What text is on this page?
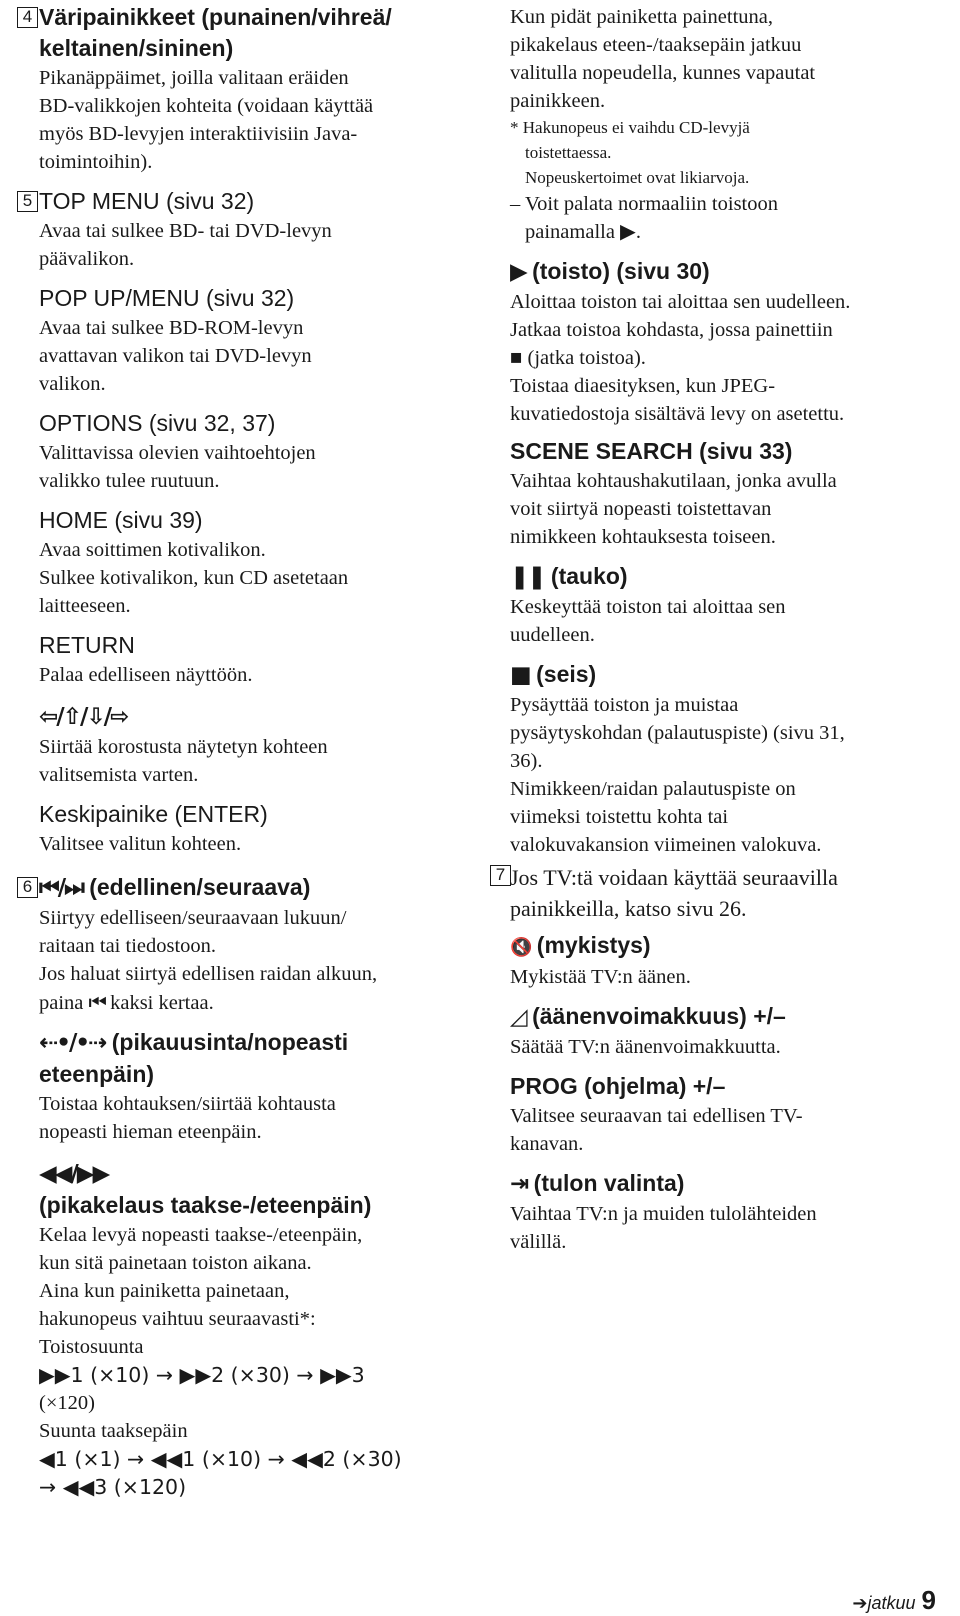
4 Väripainikkeet (punainen/vihreä/

keltainen/sininen)

Pikanäppäimet, joilla valitaan eräiden

BD-valikkojen kohteita (voidaan käyttää

myös BD-levyjen interaktiivisiin Java-

toimintoihin).

5 TOP MENU (sivu 32)

Avaa tai sulkee BD- tai DVD-levyn

päävalikon.

POP UP/MENU (sivu 32)

Avaa tai sulkee BD-ROM-levyn

avattavan valikon tai DVD-levyn

valikon.

OPTIONS (sivu 32, 37)

Valittavissa olevien vaihtoehtojen

valikko tulee ruutuun.

HOME (sivu 39)

Avaa soittimen kotivalikon.

Sulkee kotivalikon, kun CD asetetaan

laitteeseen.

RETURN

Palaa edelliseen näyttöön.

⇦/⇧/⇩/⇨

Siirtää korostusta näytetyn kohteen

valitsemista varten.

Keskipainike (ENTER)

Valitsee valitun kohteen.

6 ⏮/⏭ (edellinen/seuraava)

Siirtyy edelliseen/seuraavaan lukuun/

raitaan tai tiedostoon.

Jos haluat siirtyä edellisen raidan alkuun,

paina ⏮ kaksi kertaa.

⇠•/•⇢ (pikauusinta/nopeasti

eteenpäin)

Toistaa kohtauksen/siirtää kohtausta

nopeasti hieman eteenpäin.

◀◀/▶▶

(pikakelaus taakse-/eteenpäin)

Kelaa levyä nopeasti taakse-/eteenpäin,

kun sitä painetaan toiston aikana.

Aina kun painiketta painetaan,

hakunopeus vaihtuu seuraavasti*:

Toistosuunta

▶▶1 (×10) → ▶▶2 (×30) → ▶▶3

(×120)

Suunta taaksepäin

◀1 (×1) → ◀◀1 (×10) → ◀◀2 (×30)

→ ◀◀3 (×120)

Kun pidät painiketta painettuna,

pikakelaus eteen-/taaksepäin jatkuu

valitulla nopeudella, kunnes vapautat

painikkeen.

* Hakunopeus ei vaihdu CD-levyjä

toistettaessa.

Nopeuskertoimet ovat likiarvoja.

– Voit palata normaaliin toistoon

painamalla ▶.

▶ (toisto) (sivu 30)

Aloittaa toiston tai aloittaa sen uudelleen.

Jatkaa toistoa kohdasta, jossa painettiin

■ (jatka toistoa).

Toistaa diaesityksen, kun JPEG-

kuvatiedostoja sisältävä levy on asetettu.

SCENE SEARCH (sivu 33)

Vaihtaa kohtaushakutilaan, jonka avulla

voit siirtyä nopeasti toistettavan

nimikkeen kohtauksesta toiseen.

❚❚ (tauko)

Keskeyttää toiston tai aloittaa sen

uudelleen.

■ (seis)

Pysäyttää toiston ja muistaa

pysäytyskohdan (palautuspiste) (sivu 31,

36).

Nimikkeen/raidan palautuspiste on

viimeksi toistettu kohta tai

valokuvakansion viimeinen valokuva.

7 Jos TV:tä voidaan käyttää seuraavilla

painikkeilla, katso sivu 26.

🔇 (mykistys)

Mykistää TV:n äänen.

◿ (äänenvoimakkuus) +/–

Säätää TV:n äänenvoimakkuutta.

PROG (ohjelma) +/–

Valitsee seuraavan tai edellisen TV-

kanavan.

⇥ (tulon valinta)

Vaihtaa TV:n ja muiden tulolähteiden

välillä.

➔jatkuu 9
